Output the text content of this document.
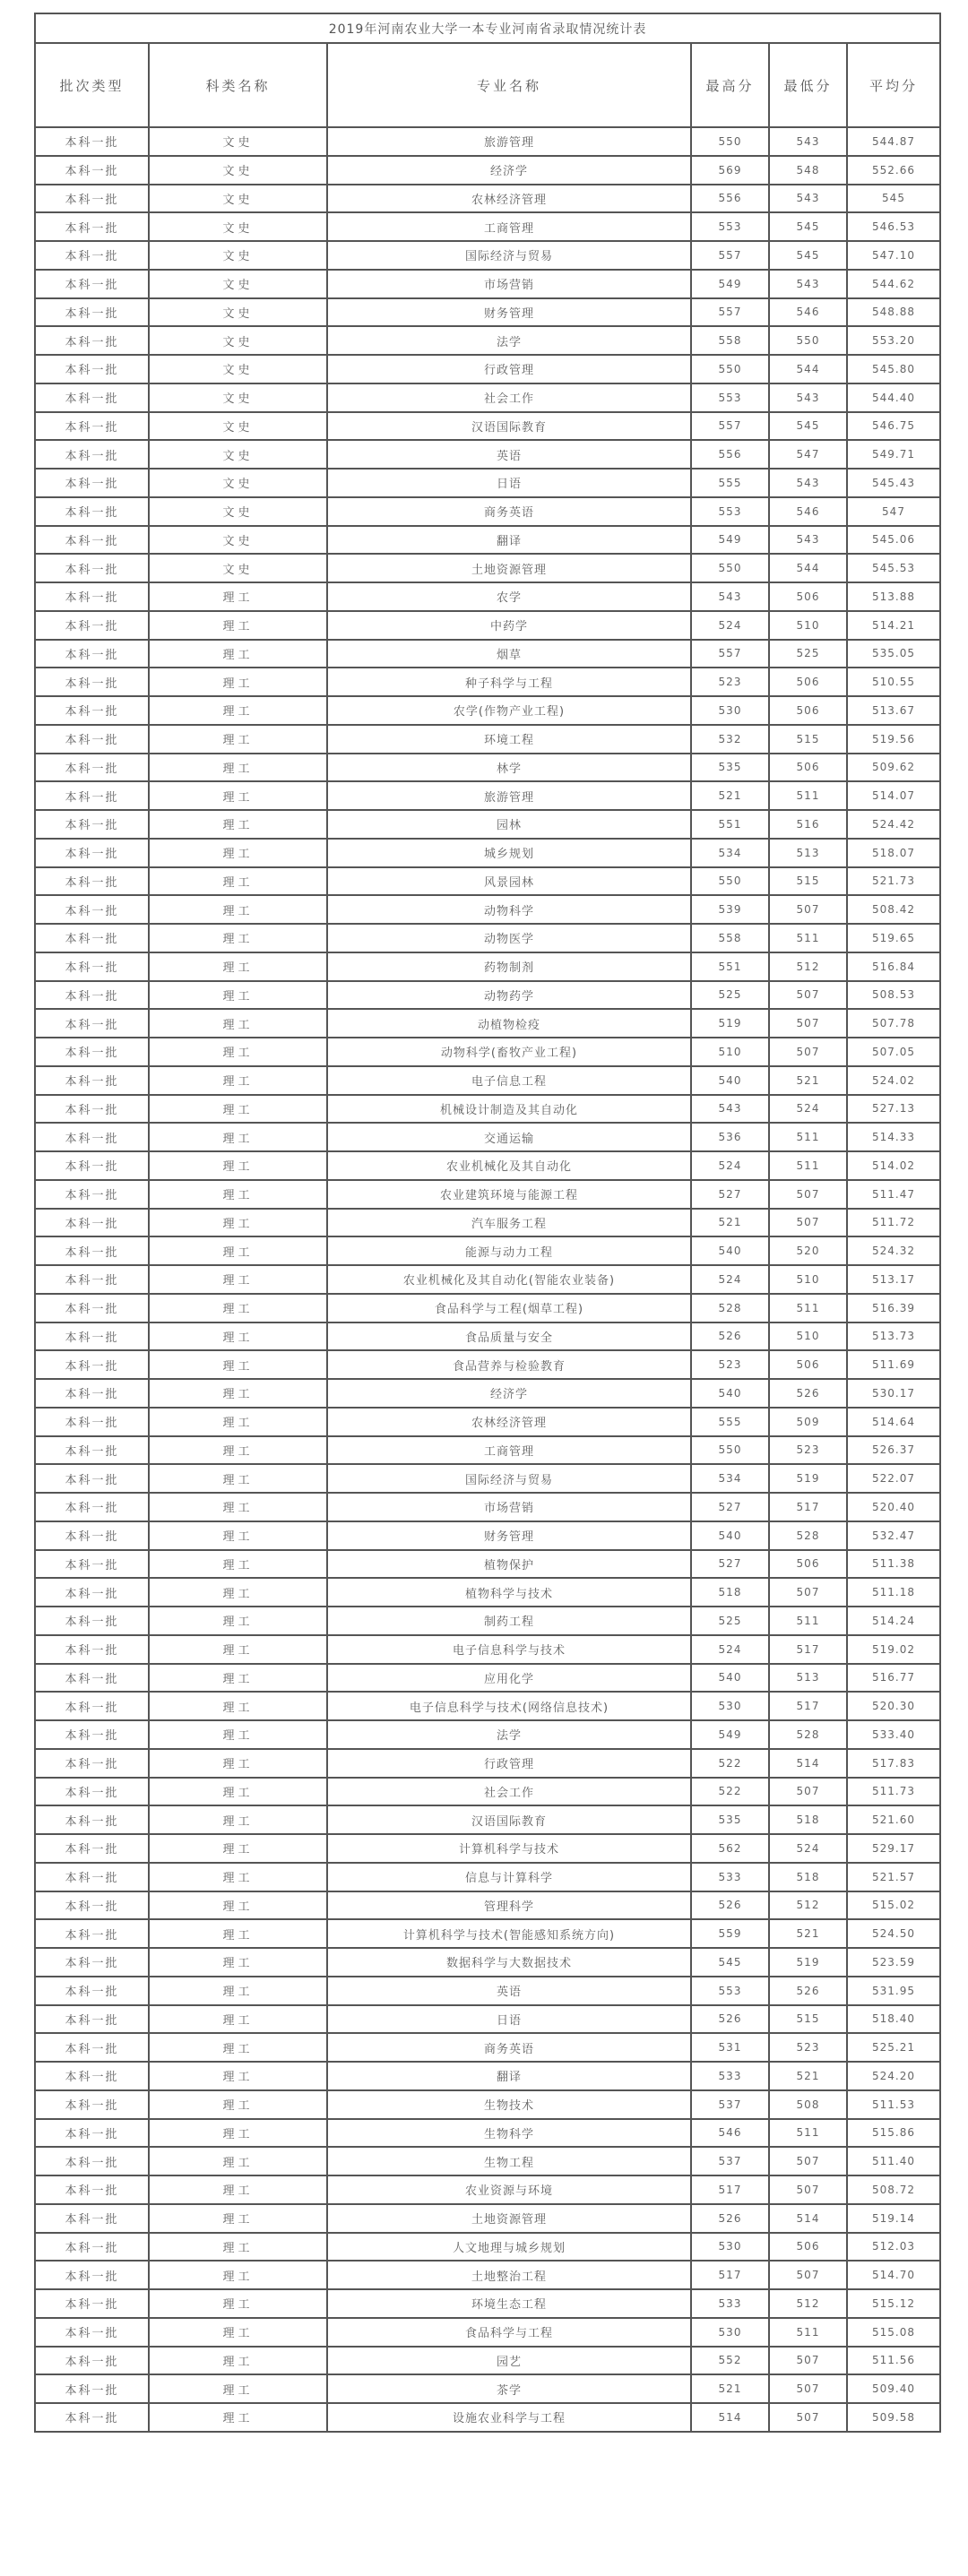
2019年河南农业大学一本专业河南省录取情况统计表					
批次类型	科类名称	专业名称	最高分	最低分	平均分
本科一批	文史	旅游管理	550	543	544.87
本科一批	文史	经济学	569	548	552.66
本科一批	文史	农林经济管理	556	543	545
本科一批	文史	工商管理	553	545	546.53
本科一批	文史	国际经济与贸易	557	545	547.10
本科一批	文史	市场营销	549	543	544.62
本科一批	文史	财务管理	557	546	548.88
本科一批	文史	法学	558	550	553.20
本科一批	文史	行政管理	550	544	545.80
本科一批	文史	社会工作	553	543	544.40
本科一批	文史	汉语国际教育	557	545	546.75
本科一批	文史	英语	556	547	549.71
本科一批	文史	日语	555	543	545.43
本科一批	文史	商务英语	553	546	547
本科一批	文史	翻译	549	543	545.06
本科一批	文史	土地资源管理	550	544	545.53
本科一批	理工	农学	543	506	513.88
本科一批	理工	中药学	524	510	514.21
本科一批	理工	烟草	557	525	535.05
本科一批	理工	种子科学与工程	523	506	510.55
本科一批	理工	农学(作物产业工程)	530	506	513.67
本科一批	理工	环境工程	532	515	519.56
本科一批	理工	林学	535	506	509.62
本科一批	理工	旅游管理	521	511	514.07
本科一批	理工	园林	551	516	524.42
本科一批	理工	城乡规划	534	513	518.07
本科一批	理工	风景园林	550	515	521.73
本科一批	理工	动物科学	539	507	508.42
本科一批	理工	动物医学	558	511	519.65
本科一批	理工	药物制剂	551	512	516.84
本科一批	理工	动物药学	525	507	508.53
本科一批	理工	动植物检疫	519	507	507.78
本科一批	理工	动物科学(畜牧产业工程)	510	507	507.05
本科一批	理工	电子信息工程	540	521	524.02
本科一批	理工	机械设计制造及其自动化	543	524	527.13
本科一批	理工	交通运输	536	511	514.33
本科一批	理工	农业机械化及其自动化	524	511	514.02
本科一批	理工	农业建筑环境与能源工程	527	507	511.47
本科一批	理工	汽车服务工程	521	507	511.72
本科一批	理工	能源与动力工程	540	520	524.32
本科一批	理工	农业机械化及其自动化(智能农业装备)	524	510	513.17
本科一批	理工	食品科学与工程(烟草工程)	528	511	516.39
本科一批	理工	食品质量与安全	526	510	513.73
本科一批	理工	食品营养与检验教育	523	506	511.69
本科一批	理工	经济学	540	526	530.17
本科一批	理工	农林经济管理	555	509	514.64
本科一批	理工	工商管理	550	523	526.37
本科一批	理工	国际经济与贸易	534	519	522.07
本科一批	理工	市场营销	527	517	520.40
本科一批	理工	财务管理	540	528	532.47
本科一批	理工	植物保护	527	506	511.38
本科一批	理工	植物科学与技术	518	507	511.18
本科一批	理工	制药工程	525	511	514.24
本科一批	理工	电子信息科学与技术	524	517	519.02
本科一批	理工	应用化学	540	513	516.77
本科一批	理工	电子信息科学与技术(网络信息技术)	530	517	520.30
本科一批	理工	法学	549	528	533.40
本科一批	理工	行政管理	522	514	517.83
本科一批	理工	社会工作	522	507	511.73
本科一批	理工	汉语国际教育	535	518	521.60
本科一批	理工	计算机科学与技术	562	524	529.17
本科一批	理工	信息与计算科学	533	518	521.57
本科一批	理工	管理科学	526	512	515.02
本科一批	理工	计算机科学与技术(智能感知系统方向)	559	521	524.50
本科一批	理工	数据科学与大数据技术	545	519	523.59
本科一批	理工	英语	553	526	531.95
本科一批	理工	日语	526	515	518.40
本科一批	理工	商务英语	531	523	525.21
本科一批	理工	翻译	533	521	524.20
本科一批	理工	生物技术	537	508	511.53
本科一批	理工	生物科学	546	511	515.86
本科一批	理工	生物工程	537	507	511.40
本科一批	理工	农业资源与环境	517	507	508.72
本科一批	理工	土地资源管理	526	514	519.14
本科一批	理工	人文地理与城乡规划	530	506	512.03
本科一批	理工	土地整治工程	517	507	514.70
本科一批	理工	环境生态工程	533	512	515.12
本科一批	理工	食品科学与工程	530	511	515.08
本科一批	理工	园艺	552	507	511.56
本科一批	理工	茶学	521	507	509.40
本科一批	理工	设施农业科学与工程	514	507	509.58
